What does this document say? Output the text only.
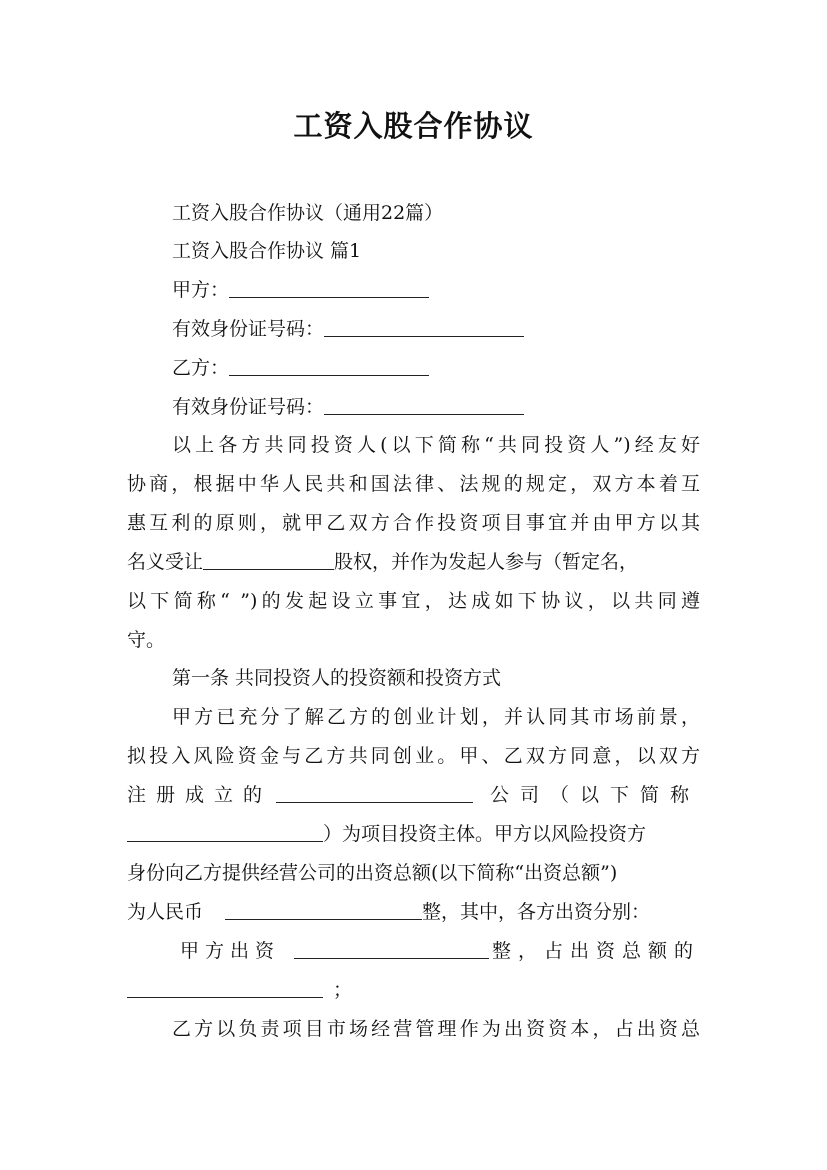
工资入股合作协议
工资入股合作协议（通用22篇）
工资入股合作协议 篇1
甲方：
有效身份证号码：
乙方：
有效身份证号码：
以上各方共同投资人(以下简称“共同投资人”)经友好
协商，根据中华人民共和国法律、法规的规定，双方本着互
惠互利的原则，就甲乙双方合作投资项目事宜并由甲方以其
名义受让	股权，并作为发起人参与（暂定名，
以下简称“ ”)的发起设立事宜，达成如下协议，以共同遵
守。
第一条 共同投资人的投资额和投资方式
甲方已充分了解乙方的创业计划，并认同其市场前景，
拟投入风险资金与乙方共同创业。甲、乙双方同意，以双方
注册成立的	公司（以下简称
）为项目投资主体。甲方以风险投资方
身份向乙方提供经营公司的出资总额(以下简称“出资总额”)
为人民币	整，其中，各方出资分别：
甲方出资	整，占出资总额的
；
乙方以负责项目市场经营管理作为出资资本，占出资总
